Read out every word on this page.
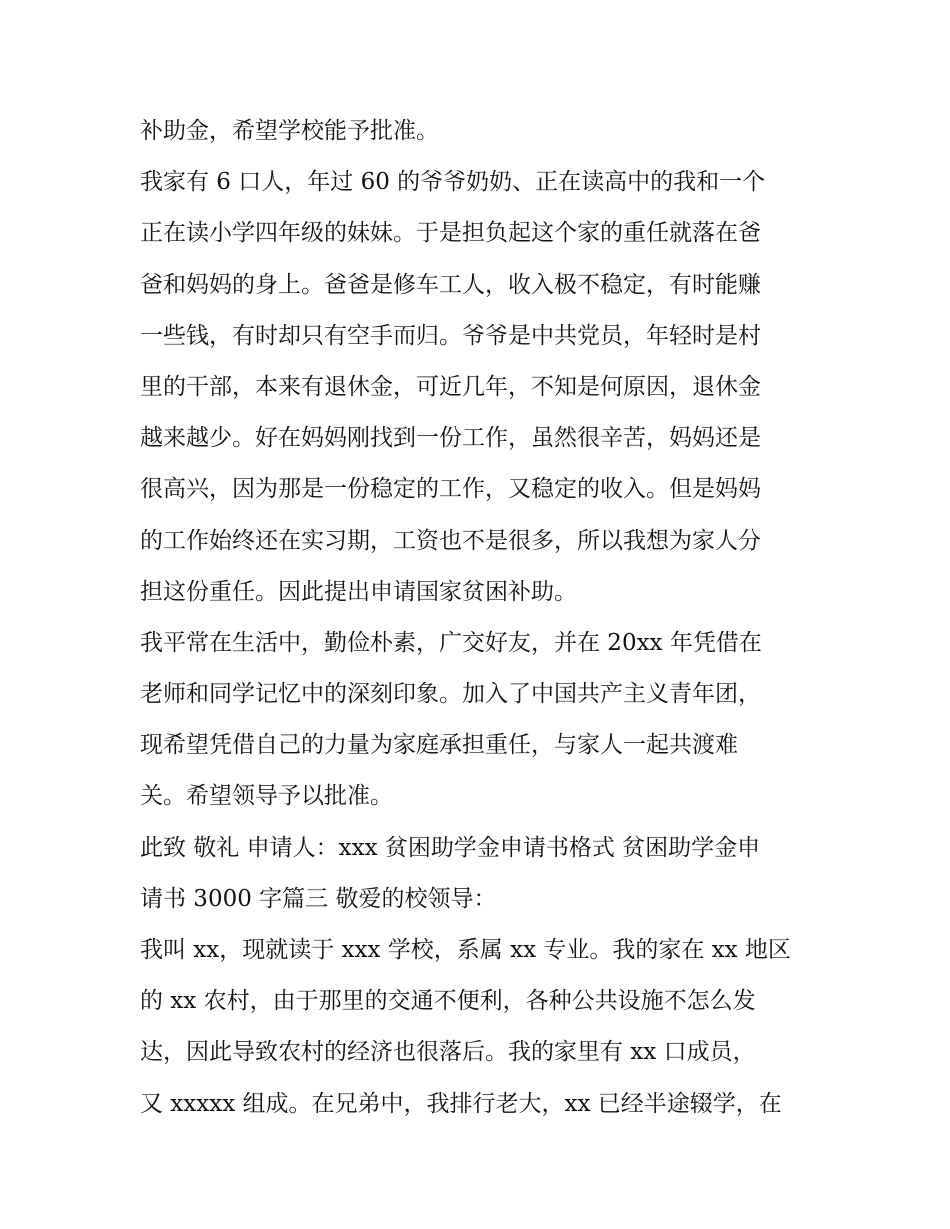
补助金，希望学校能予批准。
我家有 6 口人，年过 60 的爷爷奶奶、正在读高中的我和一个
正在读小学四年级的妹妹。于是担负起这个家的重任就落在爸
爸和妈妈的身上。爸爸是修车工人，收入极不稳定，有时能赚
一些钱，有时却只有空手而归。爷爷是中共党员，年轻时是村
里的干部，本来有退休金，可近几年，不知是何原因，退休金
越来越少。好在妈妈刚找到一份工作，虽然很辛苦，妈妈还是
很高兴，因为那是一份稳定的工作，又稳定的收入。但是妈妈
的工作始终还在实习期，工资也不是很多，所以我想为家人分
担这份重任。因此提出申请国家贫困补助。
我平常在生活中，勤俭朴素，广交好友，并在 20xx 年凭借在
老师和同学记忆中的深刻印象。加入了中国共产主义青年团，
现希望凭借自己的力量为家庭承担重任，与家人一起共渡难
关。希望领导予以批准。
此致 敬礼 申请人：xxx 贫困助学金申请书格式 贫困助学金申
请书 3000 字篇三 敬爱的校领导：
我叫 xx，现就读于 xxx 学校，系属 xx 专业。我的家在 xx 地区
的 xx 农村，由于那里的交通不便利，各种公共设施不怎么发
达，因此导致农村的经济也很落后。我的家里有 xx 口成员，
又 xxxxx 组成。在兄弟中，我排行老大，xx 已经半途辍学，在
